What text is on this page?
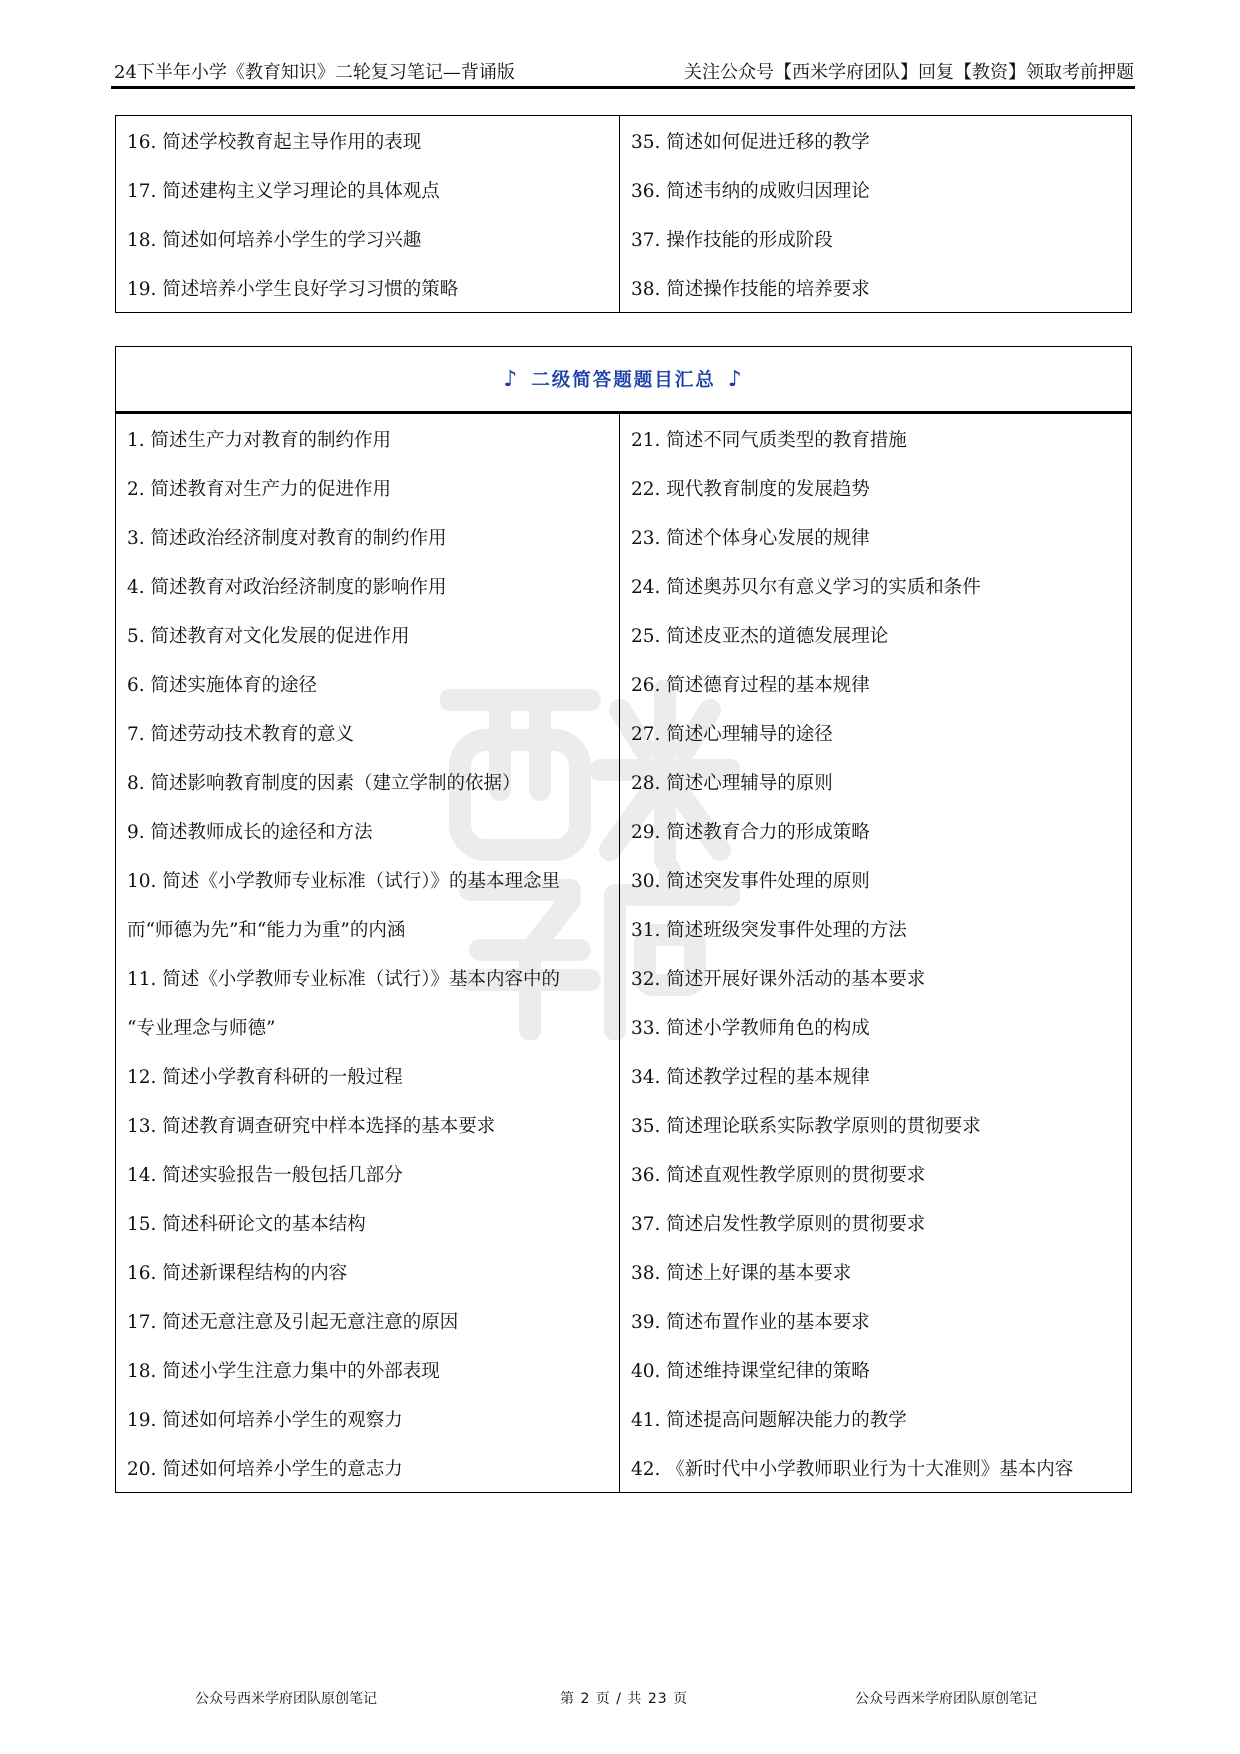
24下半年小学《教育知识》二轮复习笔记—背诵版	关注公众号【西米学府团队】回复【教资】领取考前押题
16. 简述学校教育起主导作用的表现	35. 简述如何促进迁移的教学
17. 简述建构主义学习理论的具体观点	36. 简述韦纳的成败归因理论
18. 简述如何培养小学生的学习兴趣	37. 操作技能的形成阶段
19. 简述培养小学生良好学习习惯的策略	38. 简述操作技能的培养要求
♪ 二级简答题题目汇总 ♪	
1. 简述生产力对教育的制约作用	21. 简述不同气质类型的教育措施
2. 简述教育对生产力的促进作用	22. 现代教育制度的发展趋势
3. 简述政治经济制度对教育的制约作用	23. 简述个体身心发展的规律
4. 简述教育对政治经济制度的影响作用	24. 简述奥苏贝尔有意义学习的实质和条件
5. 简述教育对文化发展的促进作用	25. 简述皮亚杰的道德发展理论
6. 简述实施体育的途径	26. 简述德育过程的基本规律
7. 简述劳动技术教育的意义	27. 简述心理辅导的途径
8. 简述影响教育制度的因素（建立学制的依据）	28. 简述心理辅导的原则
9. 简述教师成长的途径和方法	29. 简述教育合力的形成策略
10. 简述《小学教师专业标准（试行）》的基本理念里	30. 简述突发事件处理的原则
而“师德为先”和“能力为重”的内涵	31. 简述班级突发事件处理的方法
11. 简述《小学教师专业标准（试行）》基本内容中的	32. 简述开展好课外活动的基本要求
“专业理念与师德”	33. 简述小学教师角色的构成
12. 简述小学教育科研的一般过程	34. 简述教学过程的基本规律
13. 简述教育调查研究中样本选择的基本要求	35. 简述理论联系实际教学原则的贯彻要求
14. 简述实验报告一般包括几部分	36. 简述直观性教学原则的贯彻要求
15. 简述科研论文的基本结构	37. 简述启发性教学原则的贯彻要求
16. 简述新课程结构的内容	38. 简述上好课的基本要求
17. 简述无意注意及引起无意注意的原因	39. 简述布置作业的基本要求
18. 简述小学生注意力集中的外部表现	40. 简述维持课堂纪律的策略
19. 简述如何培养小学生的观察力	41. 简述提高问题解决能力的教学
20. 简述如何培养小学生的意志力	42. 《新时代中小学教师职业行为十大准则》基本内容
公众号西米学府团队原创笔记	第 2 页 / 共 23 页	公众号西米学府团队原创笔记
